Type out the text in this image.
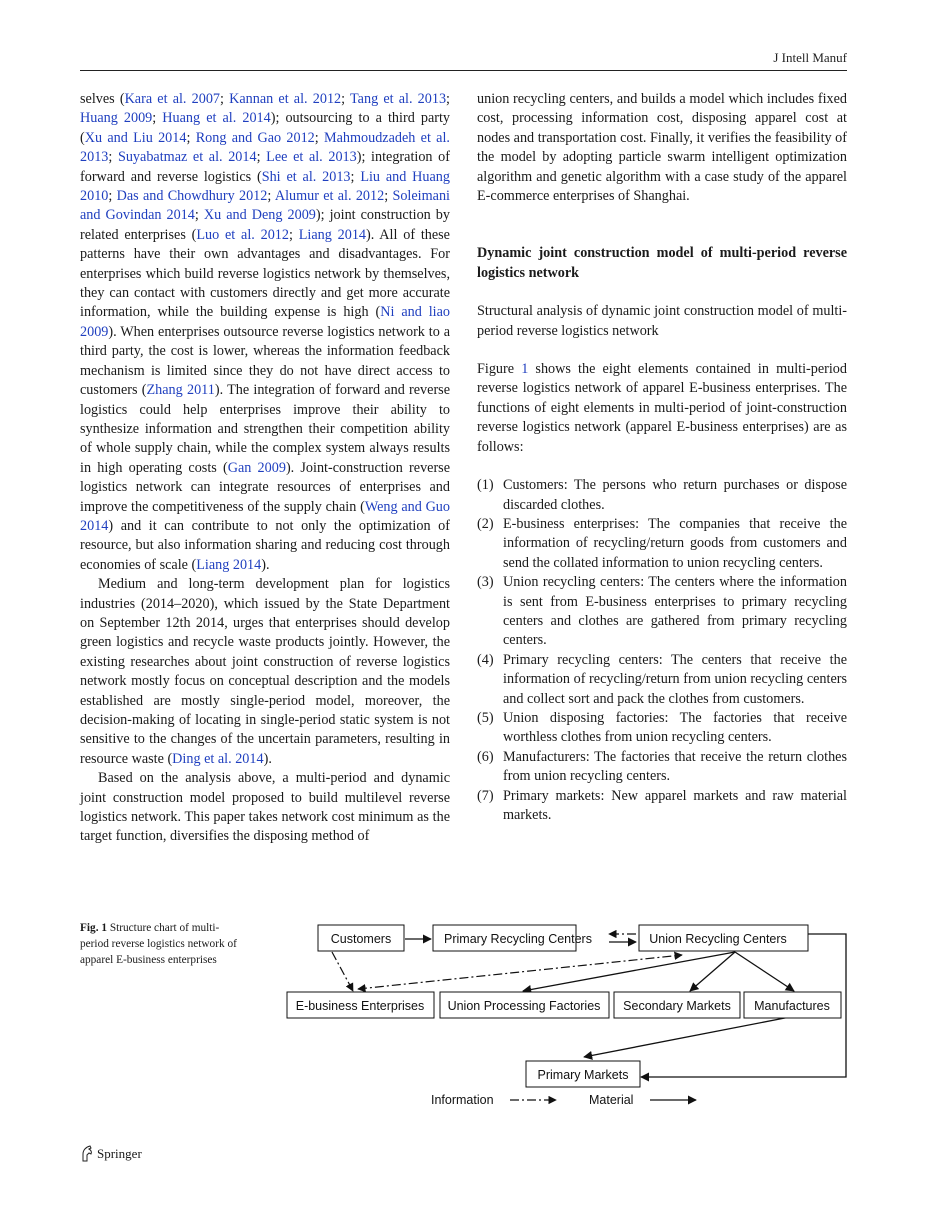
J Intell Manuf

selves (Kara et al. 2007; Kannan et al. 2012; Tang et al. 2013; Huang 2009; Huang et al. 2014); outsourcing to a third party (Xu and Liu 2014; Rong and Gao 2012; Mahmoudzadeh et al. 2013; Suyabatmaz et al. 2014; Lee et al. 2013); integration of forward and reverse logistics (Shi et al. 2013; Liu and Huang 2010; Das and Chowdhury 2012; Alumur et al. 2012; Soleimani and Govindan 2014; Xu and Deng 2009); joint construction by related enterprises (Luo et al. 2012; Liang 2014). All of these patterns have their own advantages and disadvantages. For enterprises which build reverse logistics network by themselves, they can contact with customers directly and get more accurate information, while the building expense is high (Ni and liao 2009). When enterprises outsource reverse logistics network to a third party, the cost is lower, whereas the information feedback mechanism is limited since they do not have direct access to customers (Zhang 2011). The integration of forward and reverse logistics could help enterprises improve their ability to synthesize information and strengthen their competition ability of whole supply chain, while the complex system always results in high operating costs (Gan 2009). Joint-construction reverse logistics network can integrate resources of enterprises and improve the competitiveness of the supply chain (Weng and Guo 2014) and it can contribute to not only the optimization of resource, but also information sharing and reducing cost through economies of scale (Liang 2014).

Medium and long-term development plan for logistics industries (2014–2020), which issued by the State Department on September 12th 2014, urges that enterprises should develop green logistics and recycle waste products jointly. However, the existing researches about joint construction of reverse logistics network mostly focus on conceptual description and the models established are mostly single-period model, moreover, the decision-making of locating in single-period static system is not sensitive to the changes of the uncertain parameters, resulting in resource waste (Ding et al. 2014).

Based on the analysis above, a multi-period and dynamic joint construction model proposed to build multilevel reverse logistics network. This paper takes network cost minimum as the target function, diversifies the disposing method of

union recycling centers, and builds a model which includes fixed cost, processing information cost, disposing apparel cost at nodes and transportation cost. Finally, it verifies the feasibility of the model by adopting particle swarm intelligent optimization algorithm and genetic algorithm with a case study of the apparel E-commerce enterprises of Shanghai.

Dynamic joint construction model of multi-period reverse logistics network

Structural analysis of dynamic joint construction model of multi-period reverse logistics network

Figure 1 shows the eight elements contained in multi-period reverse logistics network of apparel E-business enterprises. The functions of eight elements in multi-period of joint-construction reverse logistics network (apparel E-business enterprises) are as follows:

(1) Customers: The persons who return purchases or dispose discarded clothes.
(2) E-business enterprises: The companies that receive the information of recycling/return goods from customers and send the collated information to union recycling centers.
(3) Union recycling centers: The centers where the information is sent from E-business enterprises to primary recycling centers and clothes are gathered from primary recycling centers.
(4) Primary recycling centers: The centers that receive the information of recycling/return from union recycling centers and collect sort and pack the clothes from customers.
(5) Union disposing factories: The factories that receive worthless clothes from union recycling centers.
(6) Manufacturers: The factories that receive the return clothes from union recycling centers.
(7) Primary markets: New apparel markets and raw material markets.
Fig. 1 Structure chart of multi-period reverse logistics network of apparel E-business enterprises
Customers	Primary Recycling Centers	Union Recycling Centers
E-business Enterprises Union Processing Factories Secondary Markets Manufactures
Primary Markets
Information	Material
Springer
